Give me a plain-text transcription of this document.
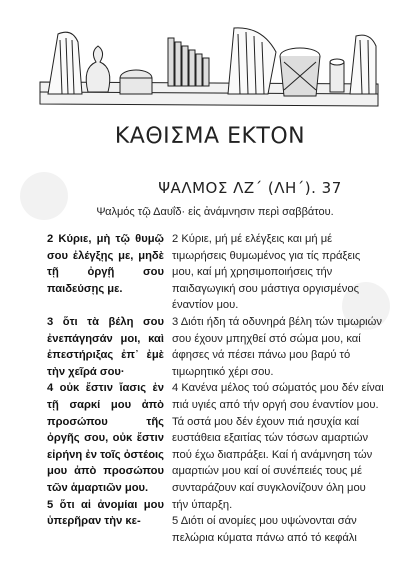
ΚΑΘΙΣΜΑ ΕΚΤΟΝ
ΨΑΛΜΟΣ ΛΖ΄ (ΛΗ΄). 37
Ψαλμός τῷ Δαυΐδ· εἰς ἀνάμνησιν περὶ σαββάτου.

2 Κύριε, μὴ τῷ θυμῷ σου ἐλέγξῃς με, μηδὲ τῇ ὀργῇ σου παιδεύσῃς με.

3 ὅτι τὰ βέλη σου ἐνεπάγησάν μοι, καὶ ἐπεστήριξας ἐπ᾿ ἐμὲ τὴν χεῖρά σου·

4 οὐκ ἔστιν ἴασις ἐν τῇ σαρκί μου ἀπὸ προσώπου τῆς ὀργῆς σου, οὐκ ἔστιν εἰρήνη ἐν τοῖς ὀστέοις μου ἀπὸ προσώπου τῶν ἁμαρτιῶν μου.

5 ὅτι αἱ ἀνομίαι μου ὑπερῆραν τὴν κε-

2 Κύριε, μή μέ ελέγξεις και μή μέ τιμωρήσεις θυμωμένος για τίς πράξεις μου, καί μή χρησιμοποιήσεις τήν παιδαγωγική σου μάστιγα οργισμένος έναντίον μου.

3 Διότι ήδη τά οδυνηρά βέλη τών τιμωριών σου έχουν μπηχθεί στό σώμα μου, καί άφησες νά πέσει πάνω μου βαρύ τό τιμωρητικό χέρι σου.

4 Κανένα μέλος τού σώματός μου δέν είναι πιά υγιές από τήν οργή σου έναντίον μου. Τά οστά μου δέν έχουν πιά ησυχία καί ευστάθεια εξαιτίας τών τόσων αμαρτιών πού έχω διαπράξει. Καί ή ανάμνηση τών αμαρτιών μου καί οί συνέπειές τους μέ συνταράζουν καί συγκλονίζουν όλη μου τήν ύπαρξη.

5 Διότι οί ανομίες μου υψώνονται σάν πελώρια κύματα πάνω από τό κεφάλι
